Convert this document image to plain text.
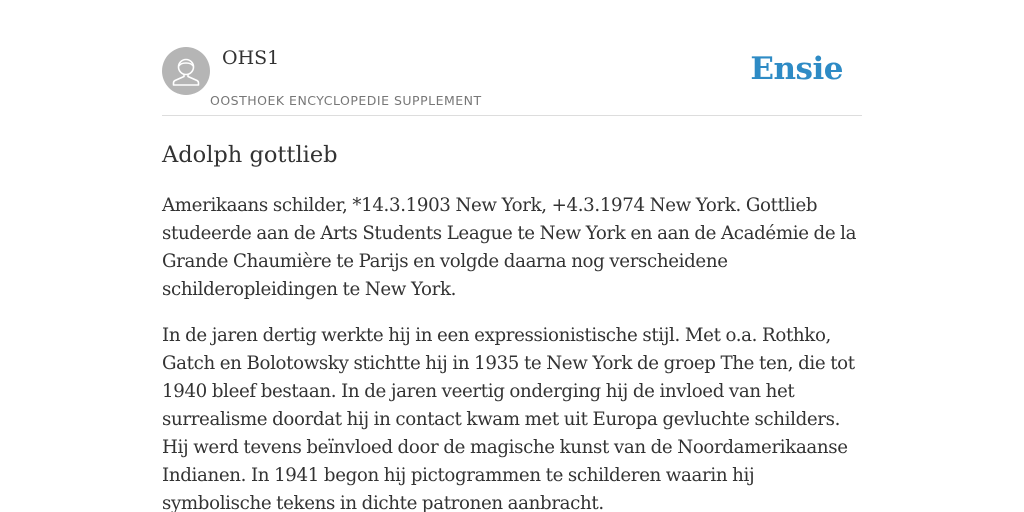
OHS1
OOSTHOEK ENCYCLOPEDIE SUPPLEMENT
Ensie
Adolph gottlieb

Amerikaans schilder, *14.3.1903 New York, +4.3.1974 New York. Gottlieb studeerde aan de Arts Students League te New York en aan de Académie de la Grande Chaumière te Parijs en volgde daarna nog verscheidene schilderopleidingen te New York.

In de jaren dertig werkte hij in een expressionistische stijl. Met o.a. Rothko, Gatch en Bolotowsky stichtte hij in 1935 te New York de groep The ten, die tot 1940 bleef bestaan. In de jaren veertig onderging hij de invloed van het surrealisme doordat hij in contact kwam met uit Europa gevluchte schilders. Hij werd tevens beïnvloed door de magische kunst van de Noordamerikaanse Indianen. In 1941 begon hij pictogrammen te schilderen waarin hij symbolische tekens in dichte patronen aanbracht.
